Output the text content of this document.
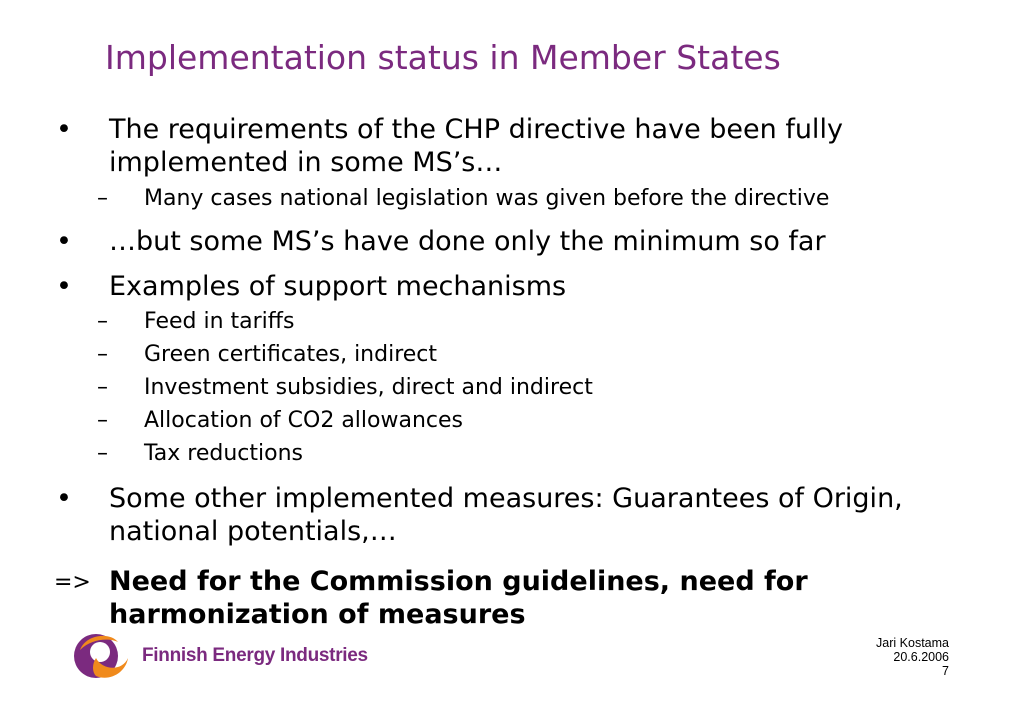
Implementation status in Member States
• The requirements of the CHP directive have been fully implemented in some MS’s…
– Many cases national legislation was given before the directive
• …but some MS’s have done only the minimum so far
• Examples of support mechanisms
– Feed in tariffs
– Green certificates, indirect
– Investment subsidies, direct and indirect
– Allocation of CO2 allowances
– Tax reductions
• Some other implemented measures: Guarantees of Origin, national potentials,…
=> Need for the Commission guidelines, need for harmonization of measures
Finnish Energy Industries
Jari Kostama
20.6.2006
7
